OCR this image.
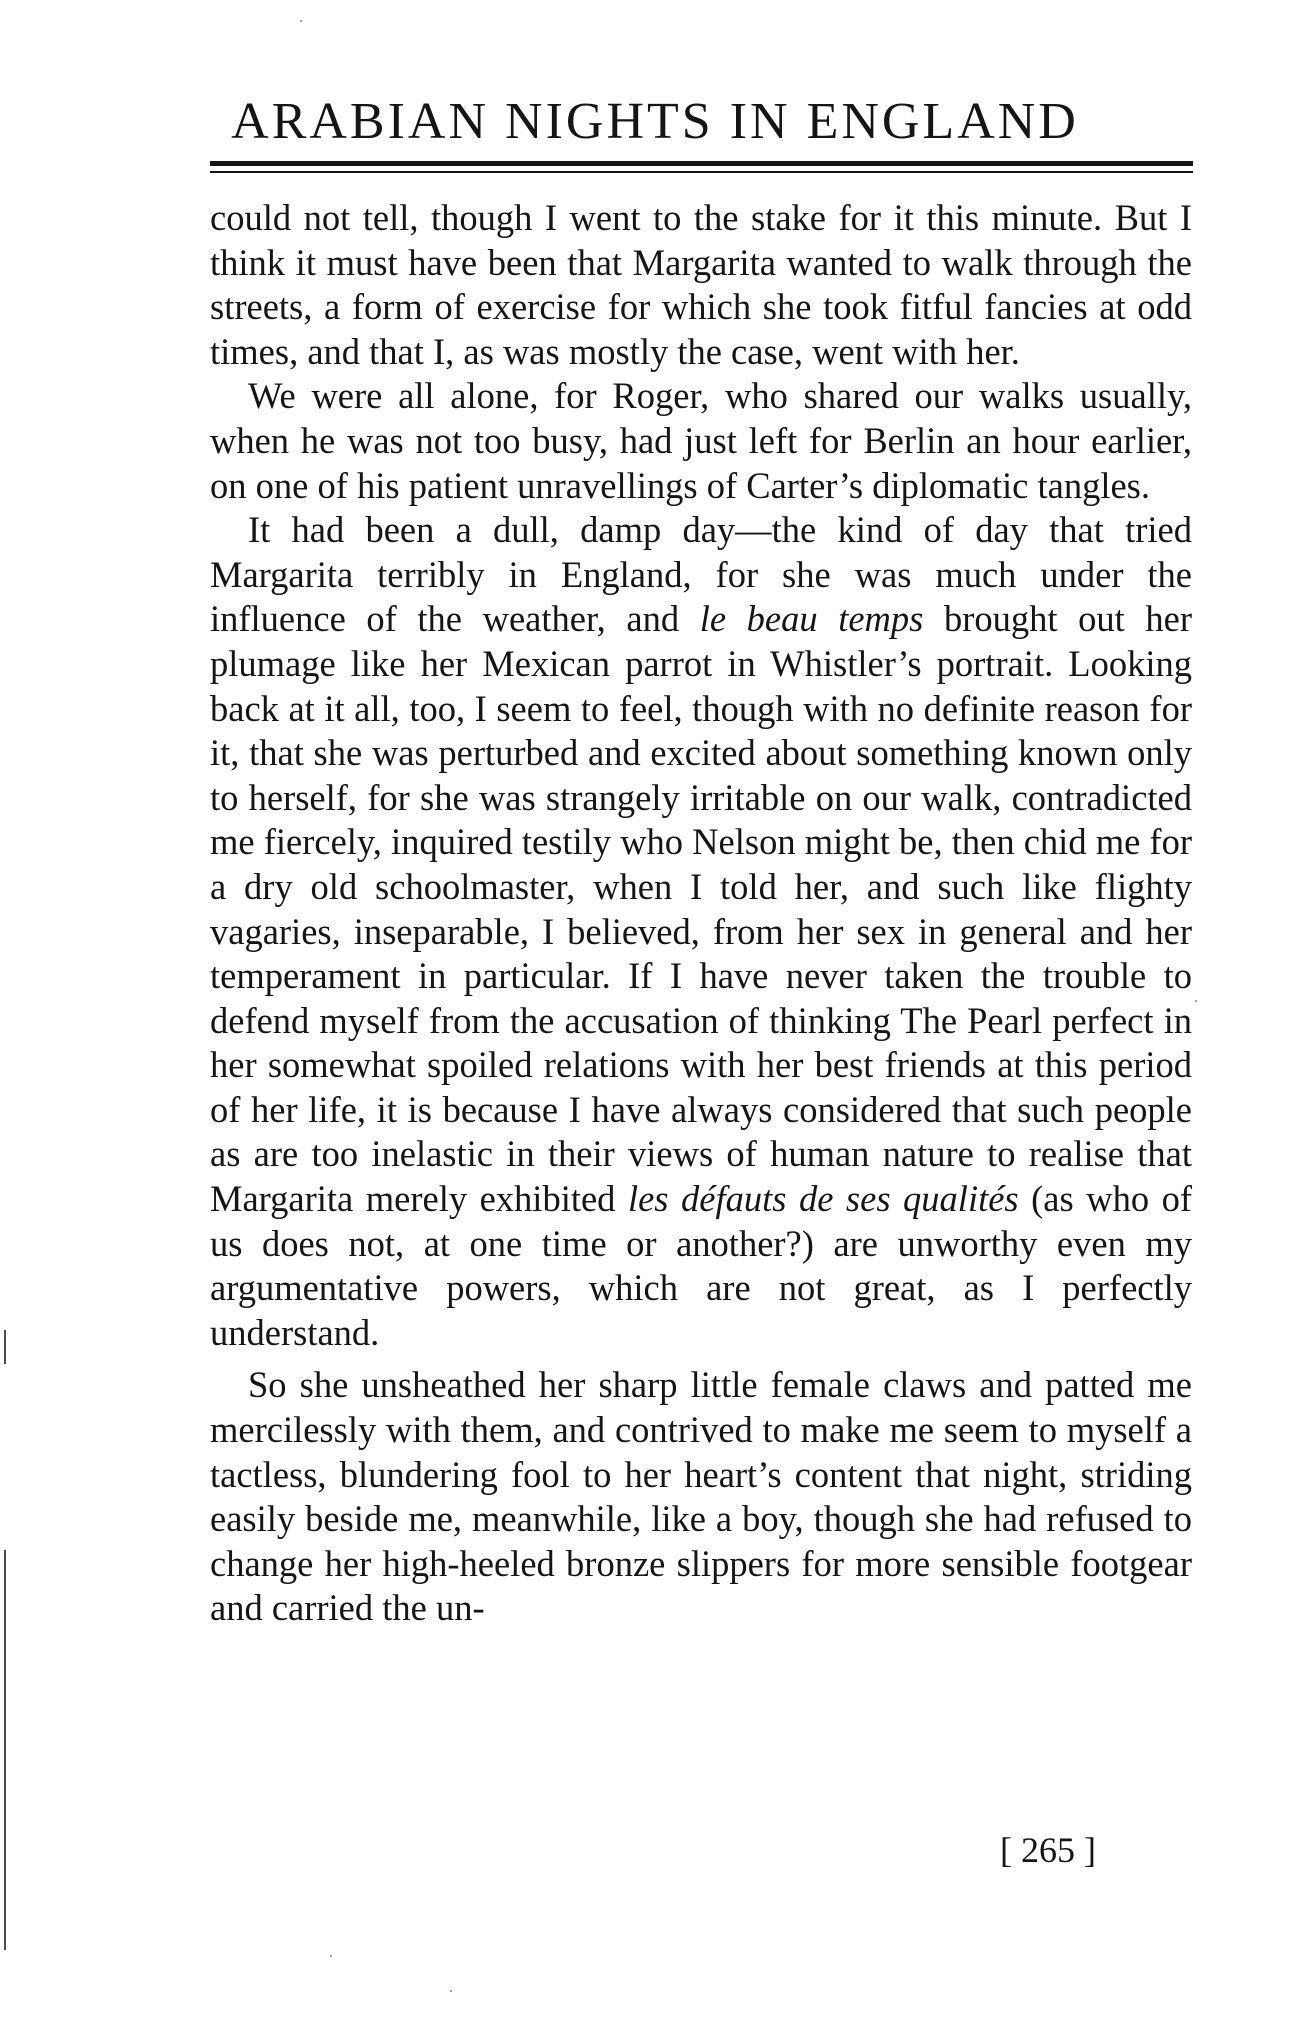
ARABIAN NIGHTS IN ENGLAND

could not tell, though I went to the stake for it this minute. But I think it must have been that Margarita wanted to walk through the streets, a form of exercise for which she took fitful fancies at odd times, and that I, as was mostly the case, went with her.

We were all alone, for Roger, who shared our walks usually, when he was not too busy, had just left for Berlin an hour earlier, on one of his patient unravellings of Carter’s diplomatic tangles.

It had been a dull, damp day—the kind of day that tried Margarita terribly in England, for she was much under the influence of the weather, and le beau temps brought out her plumage like her Mexican parrot in Whistler’s portrait. Looking back at it all, too, I seem to feel, though with no definite reason for it, that she was perturbed and excited about something known only to herself, for she was strangely irritable on our walk, contradicted me fiercely, inquired testily who Nelson might be, then chid me for a dry old schoolmaster, when I told her, and such like flighty vagaries, inseparable, I believed, from her sex in general and her temperament in particular. If I have never taken the trouble to defend myself from the accusation of thinking The Pearl perfect in her somewhat spoiled relations with her best friends at this period of her life, it is because I have always considered that such people as are too inelastic in their views of human nature to realise that Margarita merely exhibited les défauts de ses qualités (as who of us does not, at one time or another?) are unworthy even my argumentative powers, which are not great, as I perfectly understand.

So she unsheathed her sharp little female claws and patted me mercilessly with them, and contrived to make me seem to myself a tactless, blundering fool to her heart’s content that night, striding easily beside me, meanwhile, like a boy, though she had refused to change her high-heeled bronze slippers for more sensible footgear and carried the un-

[ 265 ]
